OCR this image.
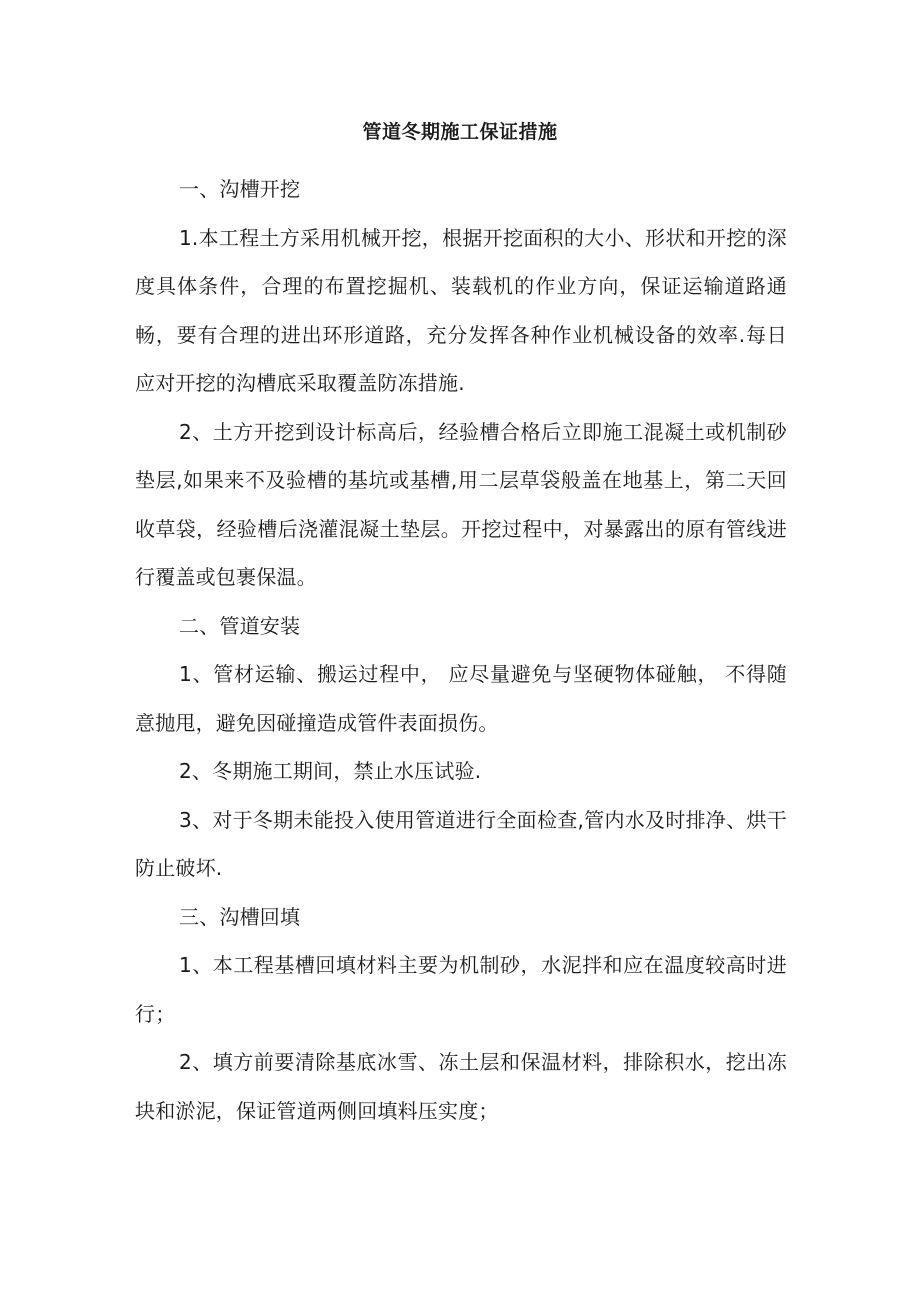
管道冬期施工保证措施

一、沟槽开挖

1.本工程土方采用机械开挖，根据开挖面积的大小、形状和开挖的深度具体条件，合理的布置挖掘机、装载机的作业方向，保证运输道路通畅，要有合理的进出环形道路，充分发挥各种作业机械设备的效率.每日应对开挖的沟槽底采取覆盖防冻措施.

2、土方开挖到设计标高后，经验槽合格后立即施工混凝土或机制砂垫层,如果来不及验槽的基坑或基槽,用二层草袋般盖在地基上，第二天回收草袋，经验槽后浇灌混凝土垫层。开挖过程中，对暴露出的原有管线进行覆盖或包裹保温。

二、管道安装

1、管材运输、搬运过程中， 应尽量避免与坚硬物体碰触， 不得随意抛甩，避免因碰撞造成管件表面损伤。

2、冬期施工期间，禁止水压试验.

3、对于冬期未能投入使用管道进行全面检查,管内水及时排净、烘干防止破坏.

三、沟槽回填

1、本工程基槽回填材料主要为机制砂，水泥拌和应在温度较高时进行；

2、填方前要清除基底冰雪、冻土层和保温材料，排除积水，挖出冻块和淤泥，保证管道两侧回填料压实度；
